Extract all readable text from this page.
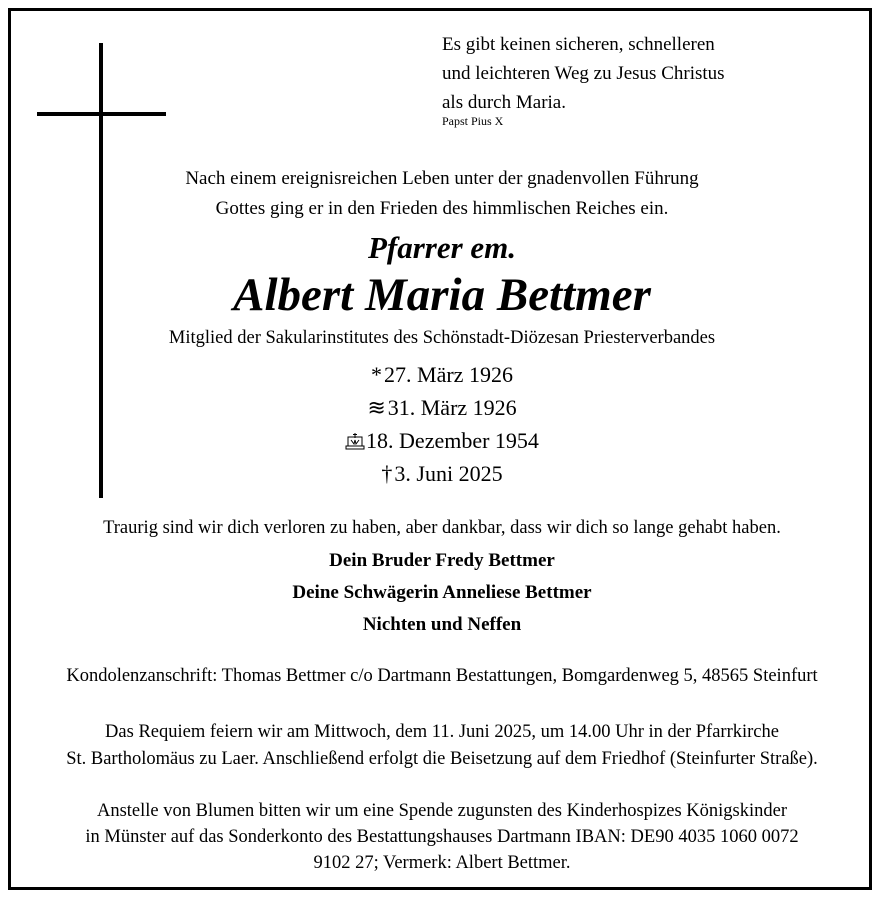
Es gibt keinen sicheren, schnelleren
und leichteren Weg zu Jesus Christus
als durch Maria.
Papst Pius X
Nach einem ereignisreichen Leben unter der gnadenvollen Führung
Gottes ging er in den Frieden des himmlischen Reiches ein.
Pfarrer em.
Albert Maria Bettmer
Mitglied der Sakularinstitutes des Schönstadt-Diözesan Priesterverbandes
*27. März 1926
≋31. März 1926
18. Dezember 1954
†3. Juni 2025
Traurig sind wir dich verloren zu haben, aber dankbar, dass wir dich so lange gehabt haben.
Dein Bruder Fredy Bettmer
Deine Schwägerin Anneliese Bettmer
Nichten und Neffen
Kondolenzanschrift: Thomas Bettmer c/o Dartmann Bestattungen, Bomgardenweg 5, 48565 Steinfurt
Das Requiem feiern wir am Mittwoch, dem 11. Juni 2025, um 14.00 Uhr in der Pfarrkirche
St. Bartholomäus zu Laer. Anschließend erfolgt die Beisetzung auf dem Friedhof (Steinfurter Straße).
Anstelle von Blumen bitten wir um eine Spende zugunsten des Kinderhospizes Königskinder
in Münster auf das Sonderkonto des Bestattungshauses Dartmann IBAN: DE90 4035 1060 0072
9102 27; Vermerk: Albert Bettmer.
